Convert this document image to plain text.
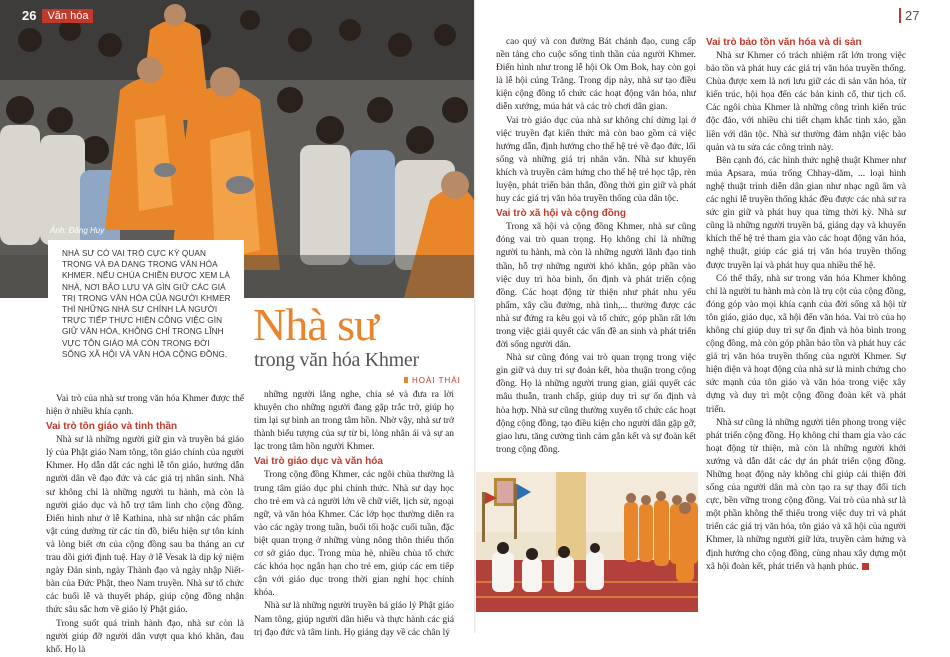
26	Văn hóa	27
Ảnh: Đăng Huy
NHÀ SƯ CÓ VAI TRÒ CỰC KỲ QUAN TRỌNG VÀ ĐA DẠNG TRONG VĂN HÓA KHMER. NẾU CHÙA CHIỀN ĐƯỢC XEM LÀ NHÀ, NƠI BẢO LƯU VÀ GÌN GIỮ CÁC GIÁ TRỊ TRONG VĂN HÓA CỦA NGƯỜI KHMER THÌ NHỮNG NHÀ SƯ CHÍNH LÀ NGƯỜI TRỰC TIẾP THỰC HIỆN CÔNG VIỆC GÌN GIỮ VĂN HÓA, KHÔNG CHỈ TRONG LĨNH VỰC TÔN GIÁO MÀ CÒN TRONG ĐỜI SỐNG XÃ HỘI VÀ VĂN HÓA CỘNG ĐỒNG.
Nhà sư
trong văn hóa Khmer
HOÀI THÁI

Vai trò của nhà sư trong văn hóa Khmer được thể hiện ở nhiều khía cạnh.

Vai trò tôn giáo và tinh thần

Nhà sư là những người giữ gìn và truyền bá giáo lý của Phật giáo Nam tông, tôn giáo chính của người Khmer. Họ dẫn dắt các nghi lễ tôn giáo, hướng dẫn người dân về đạo đức và các giá trị nhân sinh. Nhà sư không chỉ là những người tu hành, mà còn là người giáo dục và hỗ trợ tâm linh cho cộng đồng. Điển hình như ở lễ Kathina, nhà sư nhận các phẩm vật cúng dường từ các tín đồ, biểu hiện sự tôn kính và lòng biết ơn của cộng đồng sau ba tháng an cư trau dồi giới định tuệ. Hay ở lễ Vesak là dịp kỷ niệm ngày Đản sinh, ngày Thành đạo và ngày nhập Niết-bàn của Đức Phật, theo Nam truyền. Nhà sư tổ chức các buổi lễ và thuyết pháp, giúp cộng đồng nhận thức sâu sắc hơn về giáo lý Phật giáo.

Trong suốt quá trình hành đạo, nhà sư còn là người giúp đỡ người dân vượt qua khó khăn, đau khổ. Họ là

những người lắng nghe, chia sẻ và đưa ra lời khuyên cho những người đang gặp trắc trở, giúp họ tìm lại sự bình an trong tâm hồn. Nhờ vậy, nhà sư trở thành biểu tượng của sự từ bi, lòng nhân ái và sự an lạc trong tâm hồn người Khmer.

Vai trò giáo dục và văn hóa

Trong cộng đồng Khmer, các ngôi chùa thường là trung tâm giáo dục phi chính thức. Nhà sư dạy học cho trẻ em và cả người lớn về chữ viết, lịch sử, ngoại ngữ, và văn hóa Khmer. Các lớp học thường diễn ra vào các ngày trong tuần, buổi tối hoặc cuối tuần, đặc biệt quan trọng ở những vùng nông thôn thiếu thốn cơ sở giáo dục. Trong mùa hè, nhiều chùa tổ chức các khóa học ngắn hạn cho trẻ em, giúp các em tiếp cận với giáo dục trong thời gian nghỉ học chính khóa.

Nhà sư là những người truyền bá giáo lý Phật giáo Nam tông, giúp người dân hiểu và thực hành các giá trị đạo đức và tâm linh. Họ giảng dạy về các chân lý

cao quý và con đường Bát chánh đạo, cung cấp nền tảng cho cuộc sống tinh thần của người Khmer. Điển hình như trong lễ hội Ok Om Bok, hay còn gọi là lễ hội cúng Trăng. Trong dịp này, nhà sư tạo điều kiện cộng đồng tổ chức các hoạt động văn hóa, như diễn xướng, múa hát và các trò chơi dân gian.

Vai trò giáo dục của nhà sư không chỉ dừng lại ở việc truyền đạt kiến thức mà còn bao gồm cả việc hướng dẫn, định hướng cho thế hệ trẻ về đạo đức, lối sống và những giá trị nhân văn. Nhà sư khuyến khích và truyền cảm hứng cho thế hệ trẻ học tập, rèn luyện, phát triển bản thân, đồng thời gìn giữ và phát huy các giá trị văn hóa truyền thống của dân tộc.

Vai trò xã hội và cộng đồng

Trong xã hội và cộng đồng Khmer, nhà sư cũng đóng vai trò quan trọng. Họ không chỉ là những người tu hành, mà còn là những người lãnh đạo tinh thần, hỗ trợ những người khó khăn, góp phần vào việc duy trì hòa bình, ổn định và phát triển cộng đồng. Các hoạt động từ thiện như phát nhu yếu phẩm, xây cầu đường, nhà tình,... thường được các nhà sư đứng ra kêu gọi và tổ chức, góp phần rất lớn trong việc giải quyết các vấn đề an sinh và phát triển đời sống người dân.

Nhà sư cũng đóng vai trò quan trọng trong việc gìn giữ và duy trì sự đoàn kết, hòa thuận trong cộng đồng. Họ là những người trung gian, giải quyết các mâu thuẫn, tranh chấp, giúp duy trì sự ổn định và hòa hợp. Nhà sư cũng thường xuyên tổ chức các hoạt động cộng đồng, tạo điều kiện cho người dân gặp gỡ, giao lưu, tăng cường tình cảm gắn kết và sự đoàn kết trong cộng đồng.

Vai trò bảo tồn văn hóa và di sản

Nhà sư Khmer có trách nhiệm rất lớn trong việc bảo tồn và phát huy các giá trị văn hóa truyền thống. Chùa được xem là nơi lưu giữ các di sản văn hóa, từ kiến trúc, hội họa đến các bản kinh cổ, thư tịch cổ. Các ngôi chùa Khmer là những công trình kiến trúc độc đáo, với nhiều chi tiết chạm khắc tinh xảo, gần liền với dân tộc. Nhà sư thường đảm nhận việc bảo quản và tu sửa các công trình này.

Bên cạnh đó, các hình thức nghệ thuật Khmer như múa Apsara, múa trống Chhay-dăm, ... loại hình nghệ thuật trình diễn dân gian như nhạc ngũ âm và các nghi lễ truyền thống khác đều được các nhà sư ra sức gìn giữ và phát huy qua từng thời kỳ. Nhà sư cũng là những người truyền bá, giảng dạy và khuyến khích thế hệ trẻ tham gia vào các hoạt động văn hóa, nghệ thuật, giúp các giá trị văn hóa truyền thống được truyền lại và phát huy qua nhiều thế hệ.

Có thể thấy, nhà sư trong văn hóa Khmer không chỉ là người tu hành mà còn là trụ cột của cộng đồng, đóng góp vào mọi khía cạnh của đời sống xã hội từ tôn giáo, giáo dục, xã hội đến văn hóa. Vai trò của họ không chỉ giúp duy trì sự ổn định và hòa bình trong cộng đồng, mà còn góp phần bảo tồn và phát huy các giá trị văn hóa truyền thống của người Khmer. Sự hiện diện và hoạt động của nhà sư là minh chứng cho sức mạnh của tôn giáo và văn hóa trong việc xây dựng và duy trì một cộng đồng đoàn kết và phát triển.

Nhà sư cũng là những người tiên phong trong việc phát triển cộng đồng. Họ không chỉ tham gia vào các hoạt động từ thiện, mà còn là những người khởi xướng và dẫn dắt các dự án phát triển cộng đồng. Những hoạt động này không chỉ giúp cải thiện đời sống của người dân mà còn tạo ra sự thay đổi tích cực, bền vững trong cộng đồng. Vai trò của nhà sư là một phần không thể thiếu trong việc duy trì và phát triển các giá trị văn hóa, tôn giáo và xã hội của người Khmer, là những người giữ lửa, truyền cảm hứng và định hướng cho cộng đồng, cùng nhau xây dựng một xã hội đoàn kết, phát triển và hạnh phúc.
